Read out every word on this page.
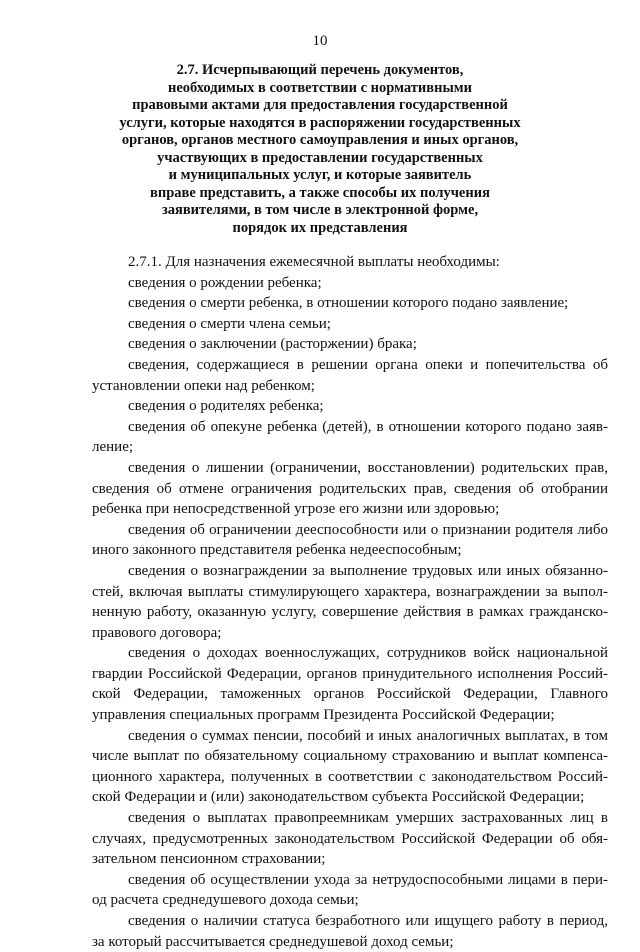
10
2.7. Исчерпывающий перечень документов,
необходимых в соответствии с нормативными
правовыми актами для предоставления государственной
услуги, которые находятся в распоряжении государственных
органов, органов местного самоуправления и иных органов,
участвующих в предоставлении государственных
и муниципальных услуг, и которые заявитель
вправе представить, а также способы их получения
заявителями, в том числе в электронной форме,
порядок их представления
2.7.1. Для назначения ежемесячной выплаты необходимы:
сведения о рождении ребенка;
сведения о смерти ребенка, в отношении которого подано заявление;
сведения о смерти члена семьи;
сведения о заключении (расторжении) брака;
сведения, содержащиеся в решении органа опеки и попечительства об
установлении опеки над ребенком;
сведения о родителях ребенка;
сведения об опекуне ребенка (детей), в отношении которого подано заяв-
ление;
сведения о лишении (ограничении, восстановлении) родительских прав,
сведения об отмене ограничения родительских прав, сведения об отобрании
ребенка при непосредственной угрозе его жизни или здоровью;
сведения об ограничении дееспособности или о признании родителя либо
иного законного представителя ребенка недееспособным;
сведения о вознаграждении за выполнение трудовых или иных обязанно-
стей, включая выплаты стимулирующего характера, вознаграждении за выпол-
ненную работу, оказанную услугу, совершение действия в рамках гражданско-
правового договора;
сведения о доходах военнослужащих, сотрудников войск национальной
гвардии Российской Федерации, органов принудительного исполнения Россий-
ской Федерации, таможенных органов Российской Федерации, Главного
управления специальных программ Президента Российской Федерации;
сведения о суммах пенсии, пособий и иных аналогичных выплатах, в том
числе выплат по обязательному социальному страхованию и выплат компенса-
ционного характера, полученных в соответствии с законодательством Россий-
ской Федерации и (или) законодательством субъекта Российской Федерации;
сведения о выплатах правопреемникам умерших застрахованных лиц в
случаях, предусмотренных законодательством Российской Федерации об обя-
зательном пенсионном страховании;
сведения об осуществлении ухода за нетрудоспособными лицами в пери-
од расчета среднедушевого дохода семьи;
сведения о наличии статуса безработного или ищущего работу в период,
за который рассчитывается среднедушевой доход семьи;
